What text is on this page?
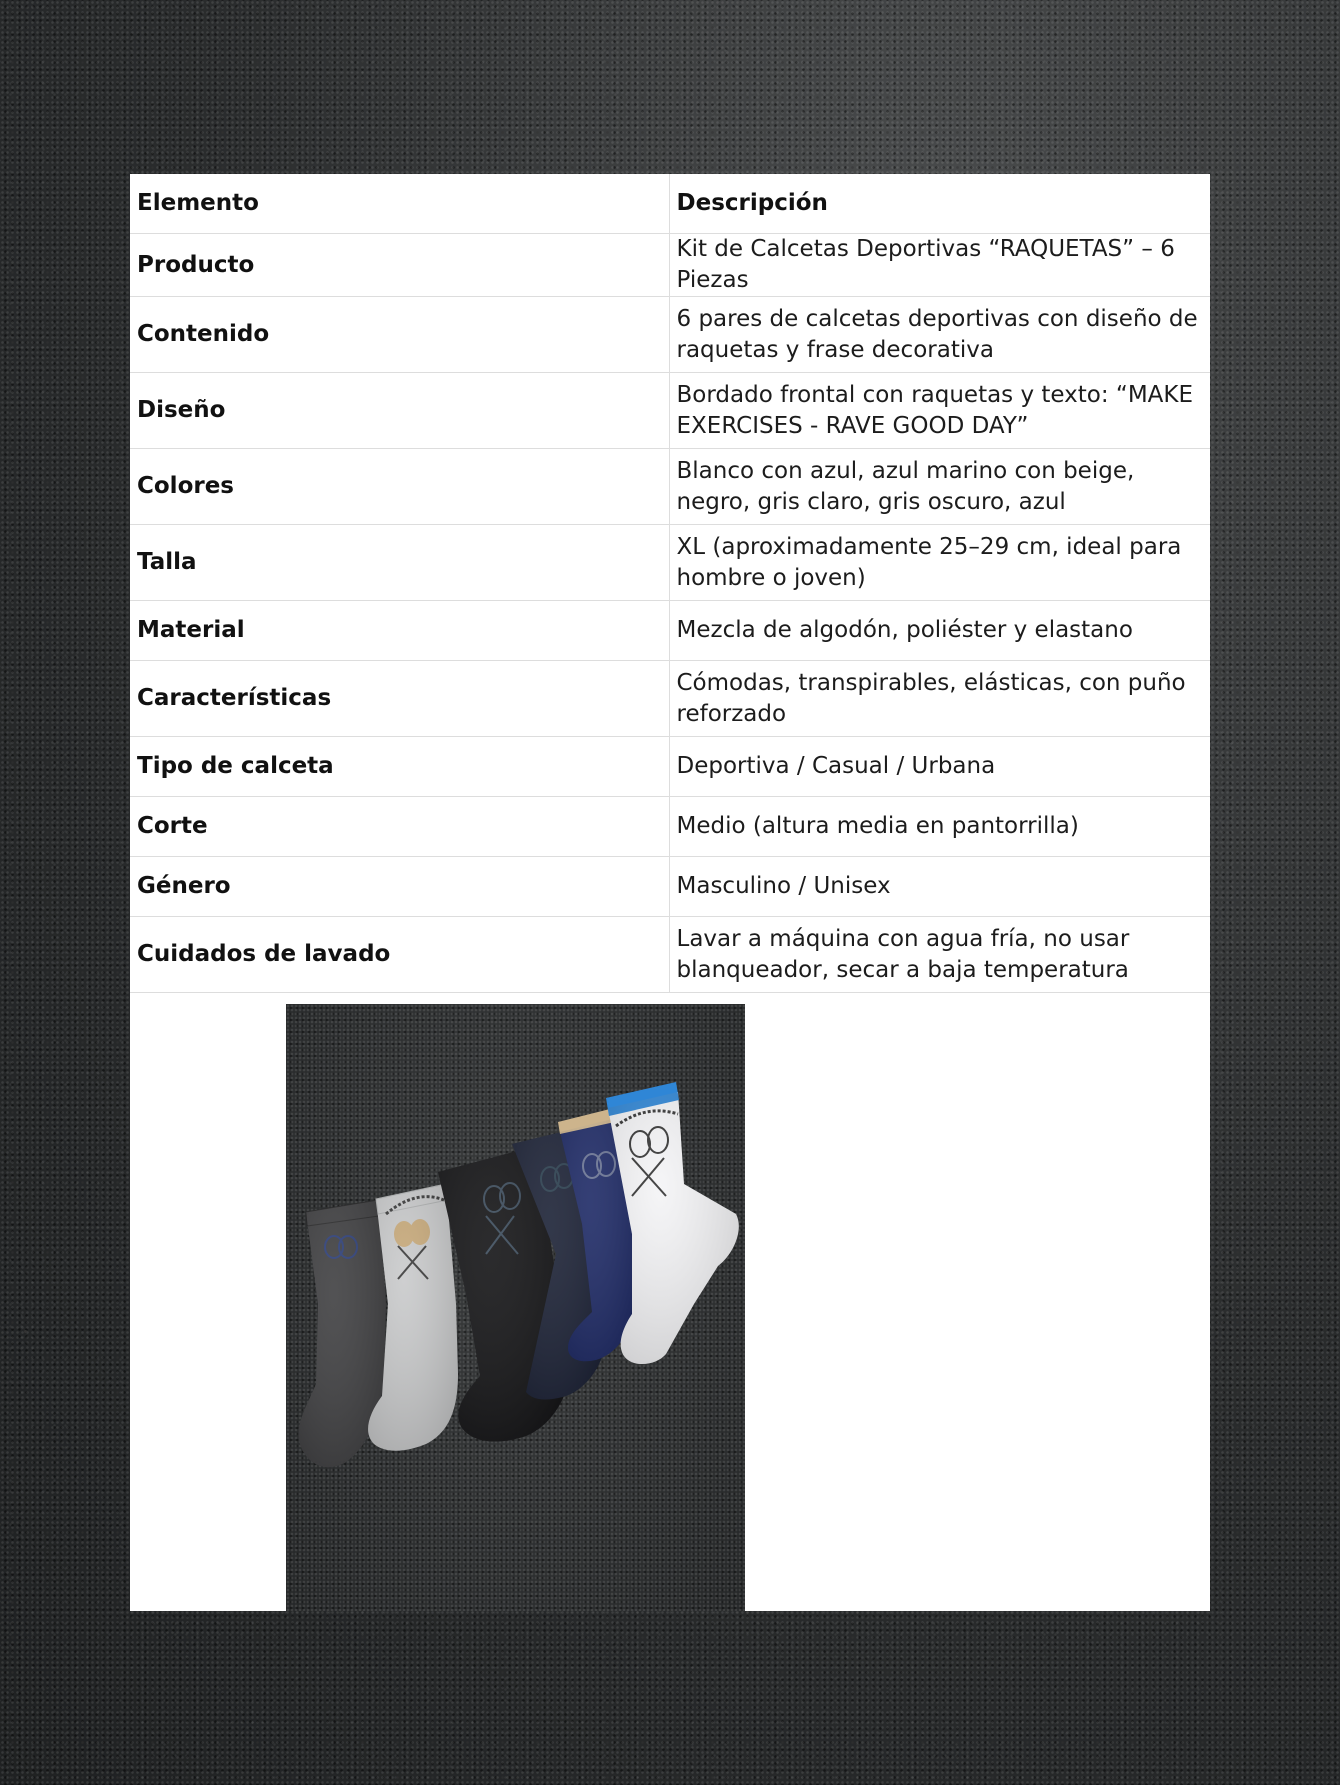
Elemento	Descripción
Producto	Kit de Calcetas Deportivas “RAQUETAS” – 6 Piezas
Contenido	6 pares de calcetas deportivas con diseño de raquetas y frase decorativa
Diseño	Bordado frontal con raquetas y texto: “MAKE EXERCISES - RAVE GOOD DAY”
Colores	Blanco con azul, azul marino con beige, negro, gris claro, gris oscuro, azul
Talla	XL (aproximadamente 25–29 cm, ideal para hombre o joven)
Material	Mezcla de algodón, poliéster y elastano
Características	Cómodas, transpirables, elásticas, con puño reforzado
Tipo de calceta	Deportiva / Casual / Urbana
Corte	Medio (altura media en pantorrilla)
Género	Masculino / Unisex
Cuidados de lavado	Lavar a máquina con agua fría, no usar blanqueador, secar a baja temperatura
